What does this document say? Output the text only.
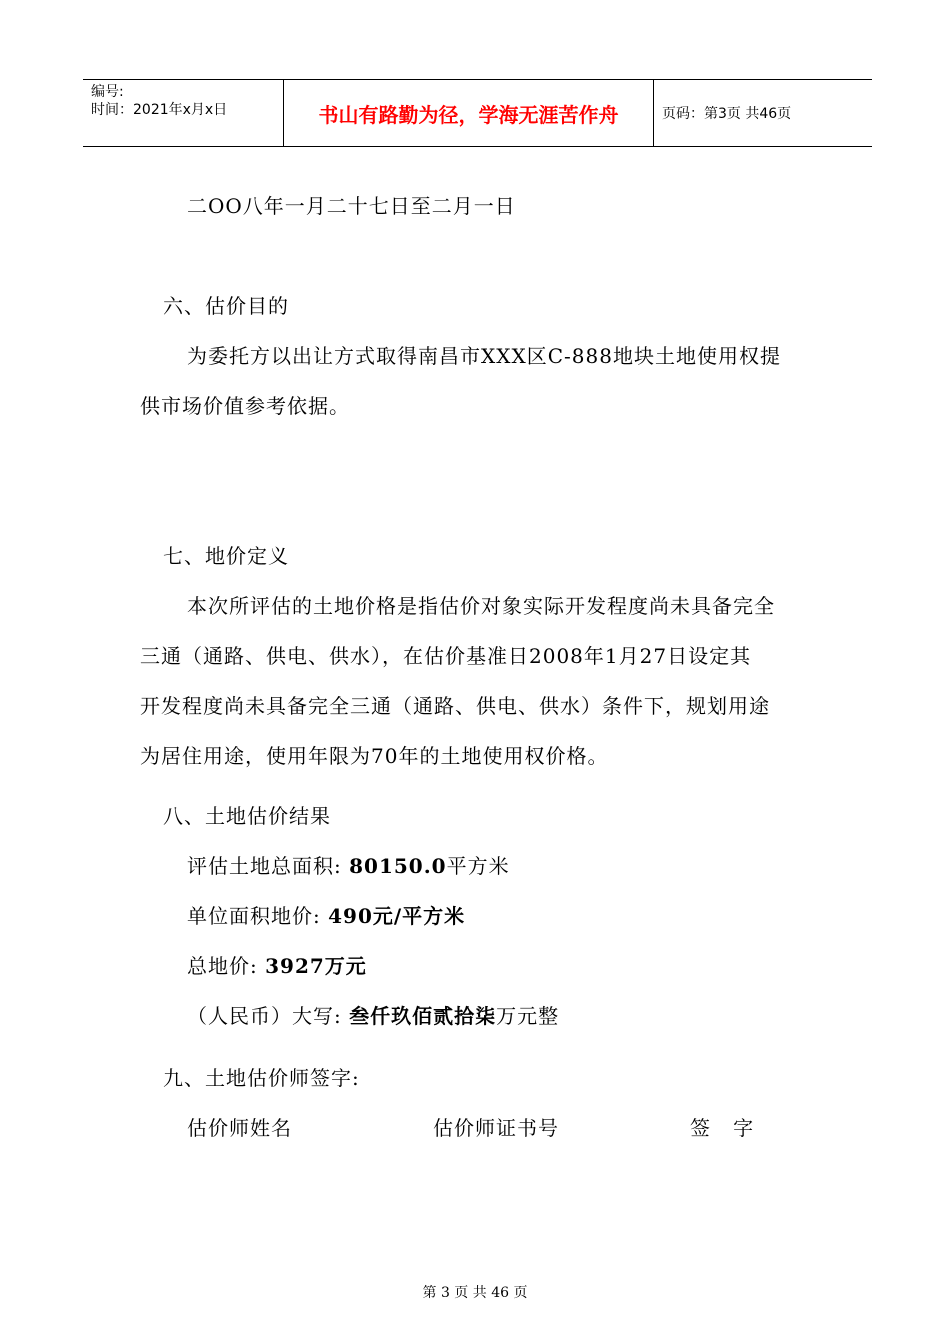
编号:
时间：2021年x月x日	书山有路勤为径，学海无涯苦作舟	页码：第3页 共46页
二OO八年一月二十七日至二月一日
六、估价目的
为委托方以出让方式取得南昌市XXX区C-888地块土地使用权提
供市场价值参考依据。
七、地价定义
本次所评估的土地价格是指估价对象实际开发程度尚未具备完全
三通（通路、供电、供水），在估价基准日2008年1月27日设定其
开发程度尚未具备完全三通（通路、供电、供水）条件下，规划用途
为居住用途，使用年限为70年的土地使用权价格。
八、土地估价结果
评估土地总面积: 80150.0平方米
单位面积地价: 490元/平方米
总地价: 3927万元
（人民币）大写: 叁仟玖佰贰拾柒万元整
九、土地估价师签字:
估价师姓名	估价师证书号	签   字
第 3 页 共 46 页
